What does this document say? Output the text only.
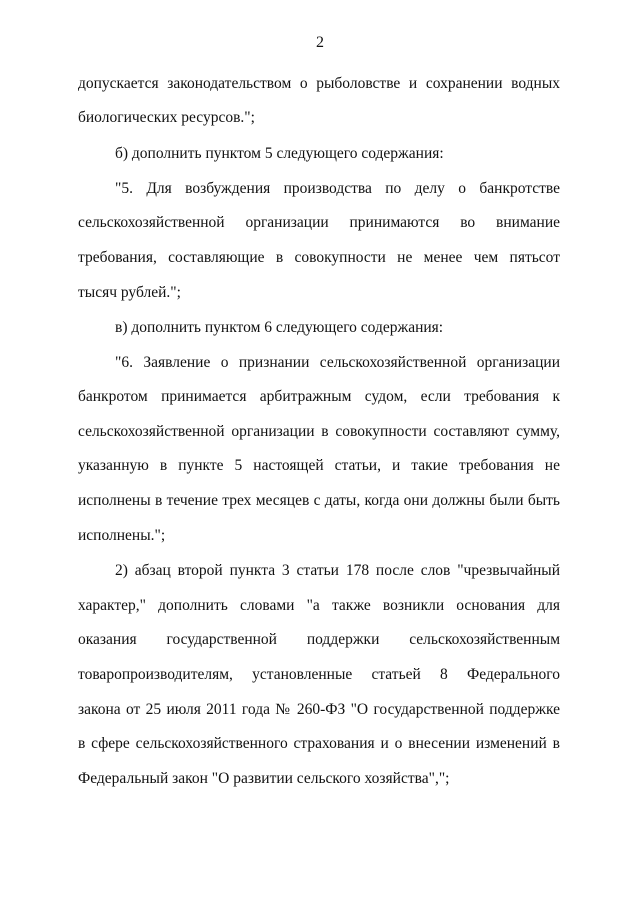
2
допускается законодательством о рыболовстве и сохранении водных
биологических ресурсов.";
б) дополнить пунктом 5 следующего содержания:
"5. Для возбуждения производства по делу о банкротстве
сельскохозяйственной организации принимаются во внимание
требования, составляющие в совокупности не менее чем пятьсот
тысяч рублей.";
в) дополнить пунктом 6 следующего содержания:
"6. Заявление о признании сельскохозяйственной организации
банкротом принимается арбитражным судом, если требования к
сельскохозяйственной организации в совокупности составляют сумму,
указанную в пункте 5 настоящей статьи, и такие требования не
исполнены в течение трех месяцев с даты, когда они должны были быть
исполнены.";
2) абзац второй пункта 3 статьи 178 после слов "чрезвычайный
характер," дополнить словами "а также возникли основания для
оказания государственной поддержки сельскохозяйственным
товаропроизводителям, установленные статьей 8 Федерального
закона от 25 июля 2011 года № 260-ФЗ "О государственной поддержке
в сфере сельскохозяйственного страхования и о внесении изменений в
Федеральный закон "О развитии сельского хозяйства",";
